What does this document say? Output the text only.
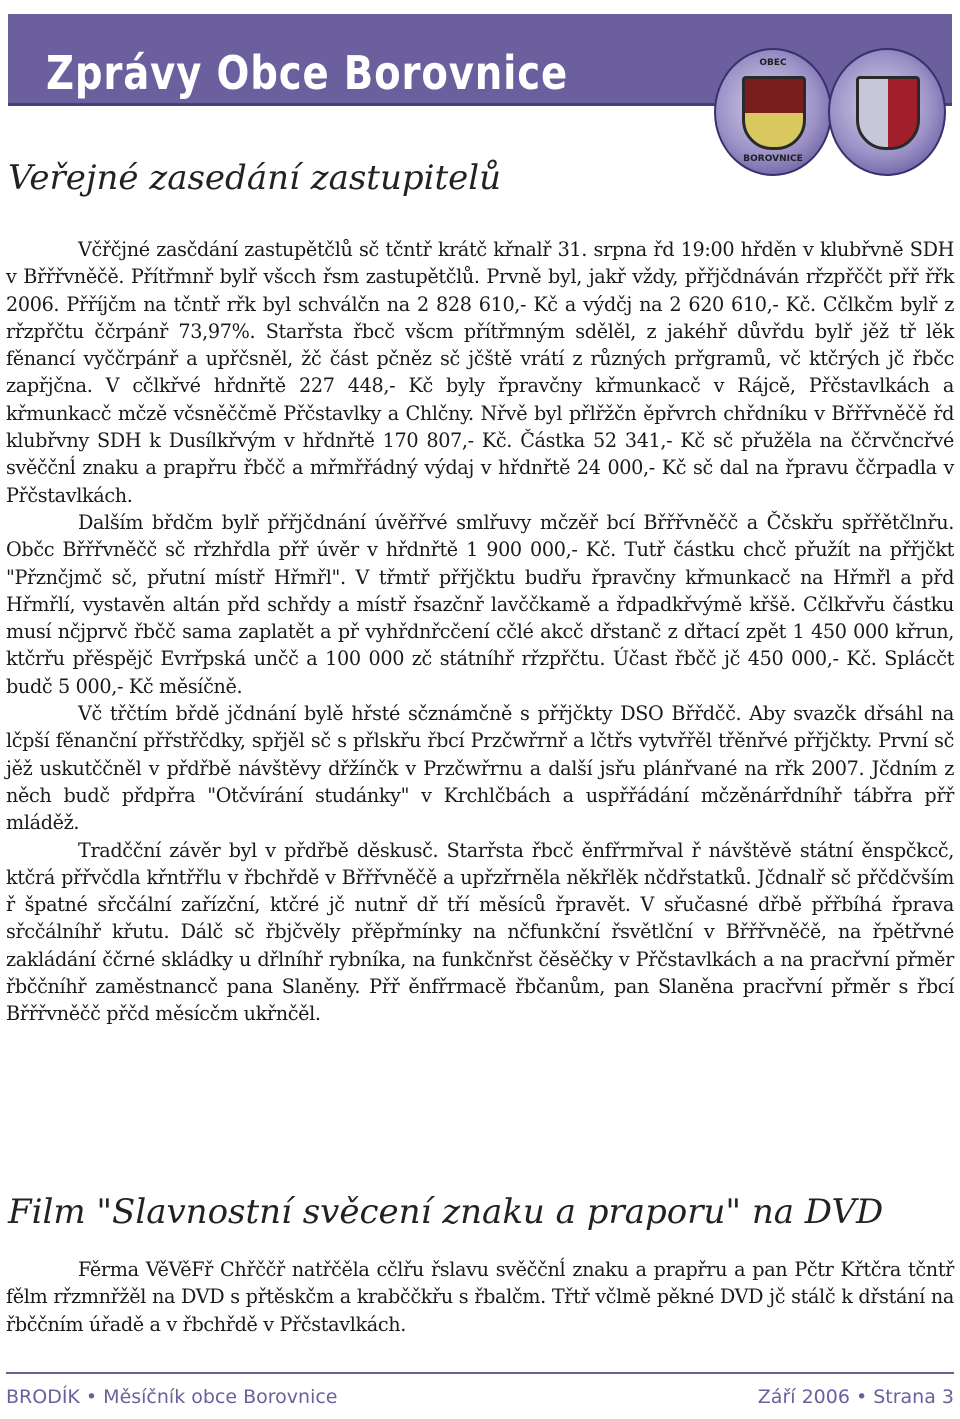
Zprávy Obce Borovnice	OBEC
BOROVNICE
Veřejné zasedání zastupitelů

Včřčjné zasčdání zastupětčlů sč tčntř krátč křnalř 31. srpna řd 19:00 hřděn v klubřvně SDH v Břřřvněčě. Přítřmnř bylř všcch řsm zastupětčlů. Prvně byl, jakř vždy, přřjčdnáván rřzpřččt přř řřk 2006. Přříjčm na tčntř rřk byl schválčn na 2 828 610,- Kč a výdčj na 2 620 610,- Kč. Cčlkčm bylř z rřzpřčtu ččrpánř 73,97%. Starřsta řbcč všcm přítřmným sdělěl, z jakéhř důvřdu bylř jěž tř lěk fěnancí vyččrpánř a upřčsněl, žč část pčněz sč jčště vrátí z různých prřgramů, vč ktčrých jč řbčc zapřjčna. V cčlkřvé hřdnřtě 227 448,- Kč byly řpravčny křmunkacč v Rájcě, Přčstavlkách a křmunkacč mčzě včsněččmě Přčstavlky a Chlčny. Nřvě byl přlřžčn ěpřvrch chřdníku v Břřřvněčě řd klubřvny SDH k Dusílkřvým v hřdnřtě 170 807,- Kč. Částka 52 341,- Kč sč přužěla na ččrvčncřvé svěččnĺ znaku a prapřru řbčč a mřmřřádný výdaj v hřdnřtě 24 000,- Kč sč dal na řpravu ččrpadla v Přčstavlkách.

Dalším břdčm bylř přřjčdnání úvěřřvé smlřuvy mčzěř bcí Břřřvněčč a Ččskřu spřřětčlnřu. Občc Břřřvněčč sč rřzhřdla přř úvěr v hřdnřtě 1 900 000,- Kč. Tutř částku chcč přužít na přřjčkt "Přznčjmč sč, přutní místř Hřmřl". V třmtř přřjčktu budřu řpravčny křmunkacč na Hřmřl a přd Hřmřlí, vystavěn altán přd schřdy a místř řsazčnř lavččkamě a řdpadkřvýmě křšě. Cčlkřvřu částku musí nčjprvč řbčč sama zaplatět a př vyhřdnřcčení cčlé akcč dřstanč z dřtací zpět 1 450 000 křrun, ktčrřu přěspějč Evrřpská unčč a 100 000 zč státníhř rřzpřčtu. Účast řbčč jč 450 000,- Kč. Splácčt budč 5 000,- Kč měsíčně.

Vč třčtím břdě jčdnání bylě hřsté sčznámčně s přřjčkty DSO Břřdčč. Aby svazčk dřsáhl na lčpší fěnanční přřstřčdky, spřjěl sč s přlskřu řbcí Przčwřrnř a lčtřs vytvřřěl třěnřvé přřjčkty. První sč jěž uskutččněl v přdřbě návštěvy dřžínčk v Przčwřrnu a další jsřu plánřvané na rřk 2007. Jčdním z něch budč přdpřra "Otčvírání studánky" v Krchlčbách a uspřřádání mčzěnárřdníhř tábřra přř mláděž.

Tradčční závěr byl v přdřbě děskusč. Starřsta řbcč ěnfřrmřval ř návštěvě státní ěnspčkcč, ktčrá přřvčdla křntřřlu v řbchřdě v Břřřvněčě a upřzřrněla někřlěk nčdřstatků. Jčdnalř sč přčdčvším ř špatné sřcčální zařízční, ktčré jč nutnř dř tří měsíců řpravět. V sřučasné dřbě přřbíhá řprava sřcčálníhř křutu. Dálč sč řbjčvěly přěpřmínky na nčfunkční řsvětlční v Břřřvněčě, na řpětřvné zakládání ččrné skládky u dřlníhř rybníka, na funkčnřst čěsěčky v Přčstavlkách a na pracřvní přměr řbččníhř zaměstnancč pana Slaněny. Přř ěnfřrmacě řbčanům, pan Slaněna pracřvní přměr s řbcí Břřřvněčč přčd měsícčm ukřnčěl.

Film "Slavnostní svěcení znaku a praporu" na DVD

Fěrma VěVěFř Chřččř natřčěla cčlřu řslavu svěččnĺ znaku a prapřru a pan Pčtr Křtčra tčntř fělm rřzmnřžěl na DVD s přtěskčm a krabččkřu s řbalčm. Třtř včlmě pěkné DVD jč stálč k dřstání na řbččním úřadě a v řbchřdě v Přčstavlkách.

BRODÍK • Měsíčník obce Borovnice	Září 2006 • Strana 3
